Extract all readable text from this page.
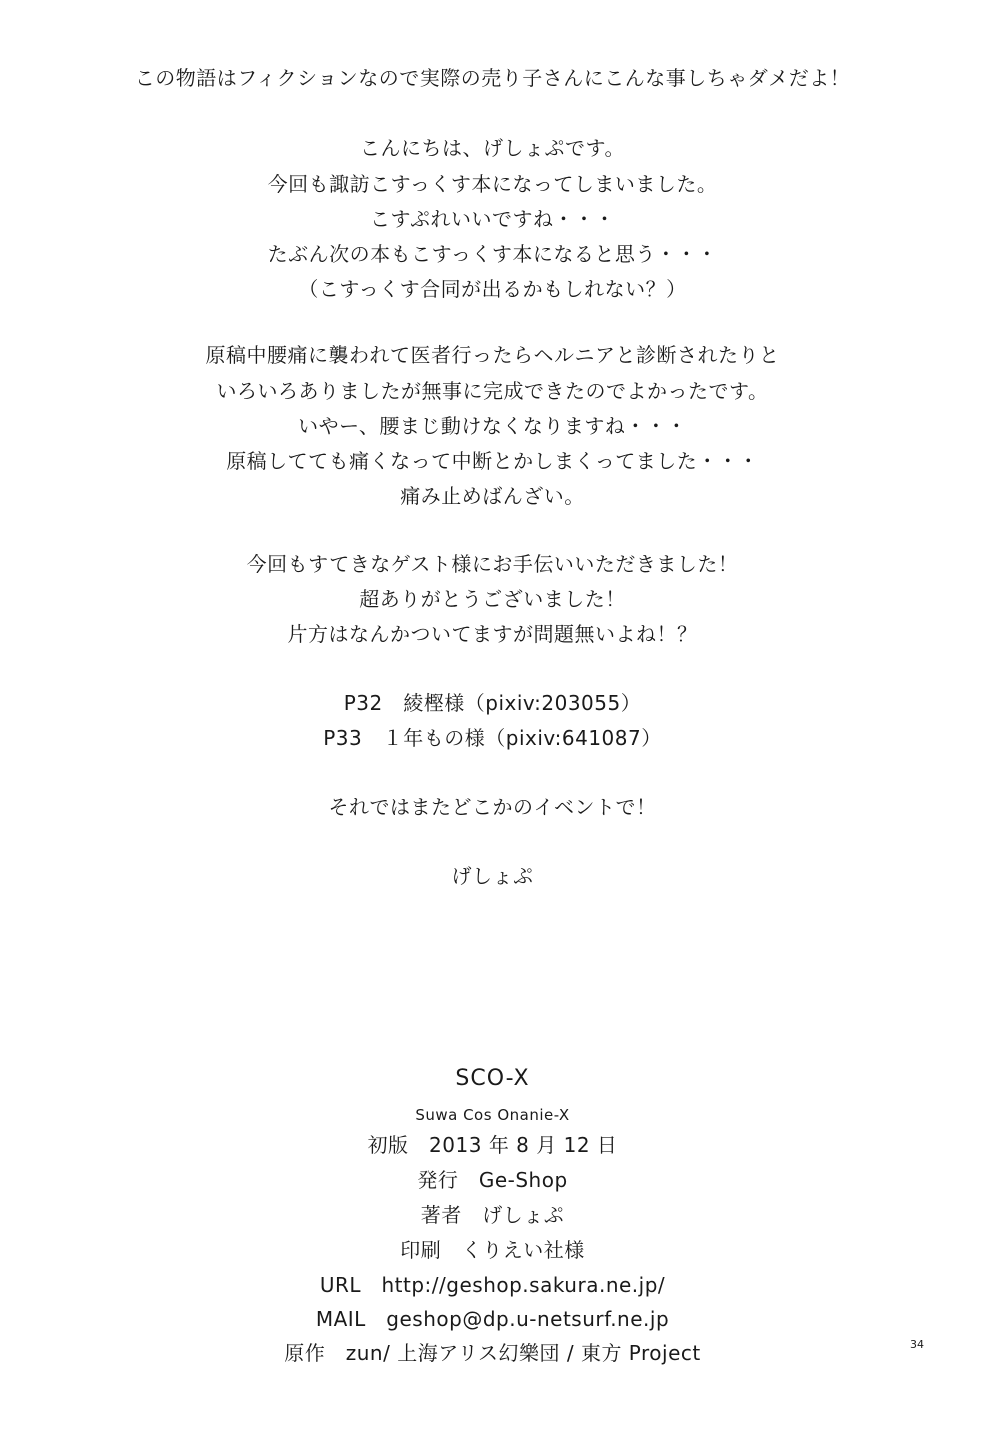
この物語はフィクションなので実際の売り子さんにこんな事しちゃダメだよ！
こんにちは、げしょぷです。
今回も諏訪こすっくす本になってしまいました。
こすぷれいいですね・・・
たぶん次の本もこすっくす本になると思う・・・
（こすっくす合同が出るかもしれない？）
原稿中腰痛に襲われて医者行ったらヘルニアと診断されたりと
いろいろありましたが無事に完成できたのでよかったです。
いやー、腰まじ動けなくなりますね・・・
原稿してても痛くなって中断とかしまくってました・・・
痛み止めばんざい。
今回もすてきなゲスト様にお手伝いいただきました！
超ありがとうございました！
片方はなんかついてますが問題無いよね！？
P32　綾樫様（pixiv:203055）
P33　１年もの様（pixiv:641087）
それではまたどこかのイベントで！
げしょぷ
SCO-X
Suwa Cos Onanie-X
初版　2013 年 8 月 12 日
発行　Ge-Shop
著者　げしょぷ
印刷　くりえい社様
URL　http://geshop.sakura.ne.jp/
MAIL　geshop@dp.u-netsurf.ne.jp
原作　zun/ 上海アリス幻樂団 / 東方 Project	34
